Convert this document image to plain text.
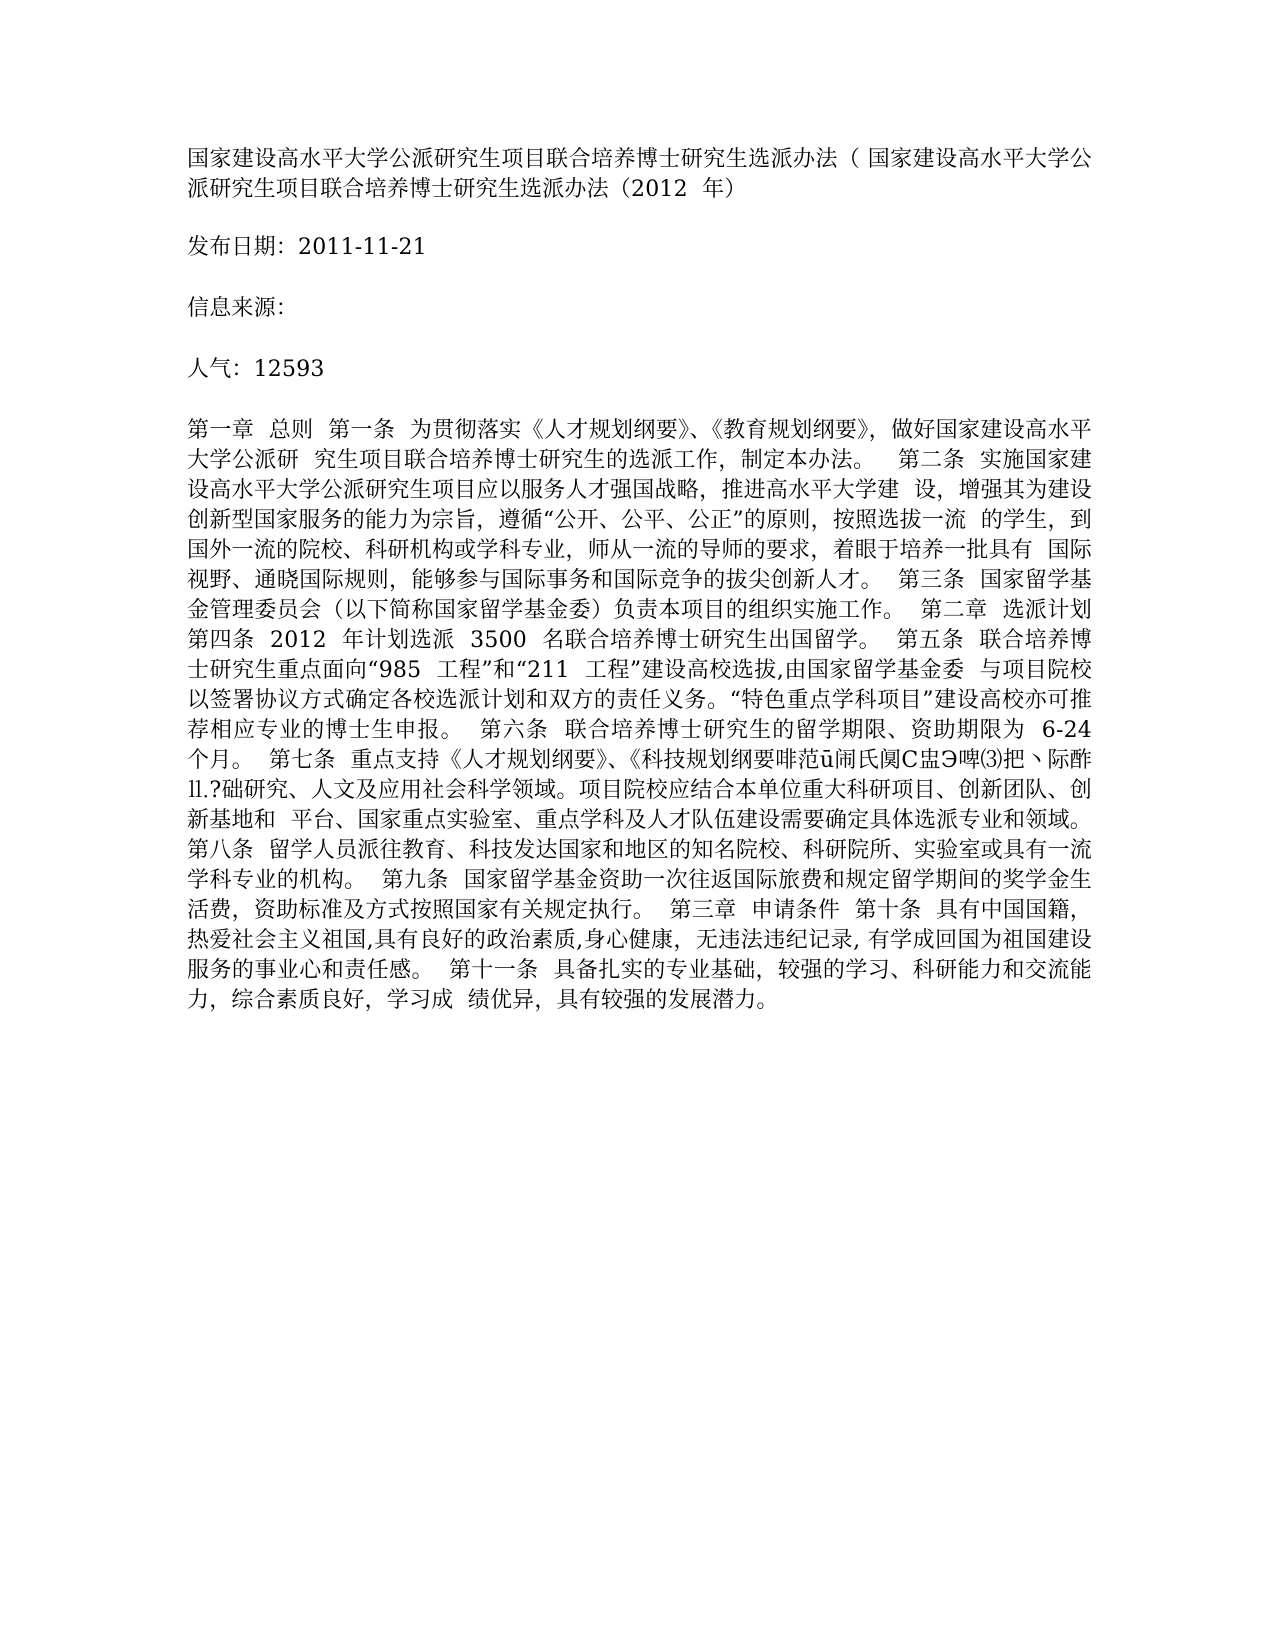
国家建设高水平大学公派研究生项目联合培养博士研究生选派办法（ 国家建设高水平大学公派研究生项目联合培养博士研究生选派办法（2012  年）

发布日期：2011-11-21

信息来源：

人气：12593

第一章  总则  第一条  为贯彻落实《人才规划纲要》、《教育规划纲要》，做好国家建设高水平大学公派研  究生项目联合培养博士研究生的选派工作，制定本办法。   第二条  实施国家建设高水平大学公派研究生项目应以服务人才强国战略，推进高水平大学建  设，增强其为建设创新型国家服务的能力为宗旨，遵循“公开、公平、公正”的原则，按照选拔一流  的学生，到国外一流的院校、科研机构或学科专业，师从一流的导师的要求，着眼于培养一批具有  国际视野、通晓国际规则，能够参与国际事务和国际竞争的拔尖创新人才。  第三条  国家留学基金管理委员会（以下简称国家留学基金委）负责本项目的组织实施工作。  第二章  选派计划  第四条  2012  年计划选派  3500  名联合培养博士研究生出国留学。  第五条  联合培养博士研究生重点面向“985  工程”和“211  工程”建设高校选拔,由国家留学基金委  与项目院校以签署协议方式确定各校选派计划和双方的责任义务。“特色重点学科项目”建设高校亦可推荐相应专业的博士生申报。  第六条  联合培养博士研究生的留学期限、资助期限为  6-24  个月。  第七条  重点支持《人才规划纲要》、《科技规划纲要啡范ū闹氏阒С盅Э啤⑶把丶际酢⒒?础研究、人文及应用社会科学领域。项目院校应结合本单位重大科研项目、创新团队、创新基地和  平台、国家重点实验室、重点学科及人才队伍建设需要确定具体选派专业和领域。  第八条  留学人员派往教育、科技发达国家和地区的知名院校、科研院所、实验室或具有一流  学科专业的机构。  第九条  国家留学基金资助一次往返国际旅费和规定留学期间的奖学金生活费，资助标准及方式按照国家有关规定执行。  第三章  申请条件  第十条  具有中国国籍，热爱社会主义祖国,具有良好的政治素质,身心健康，无违法违纪记录, 有学成回国为祖国建设服务的事业心和责任感。  第十一条  具备扎实的专业基础，较强的学习、科研能力和交流能力，综合素质良好，学习成  绩优异，具有较强的发展潜力。
